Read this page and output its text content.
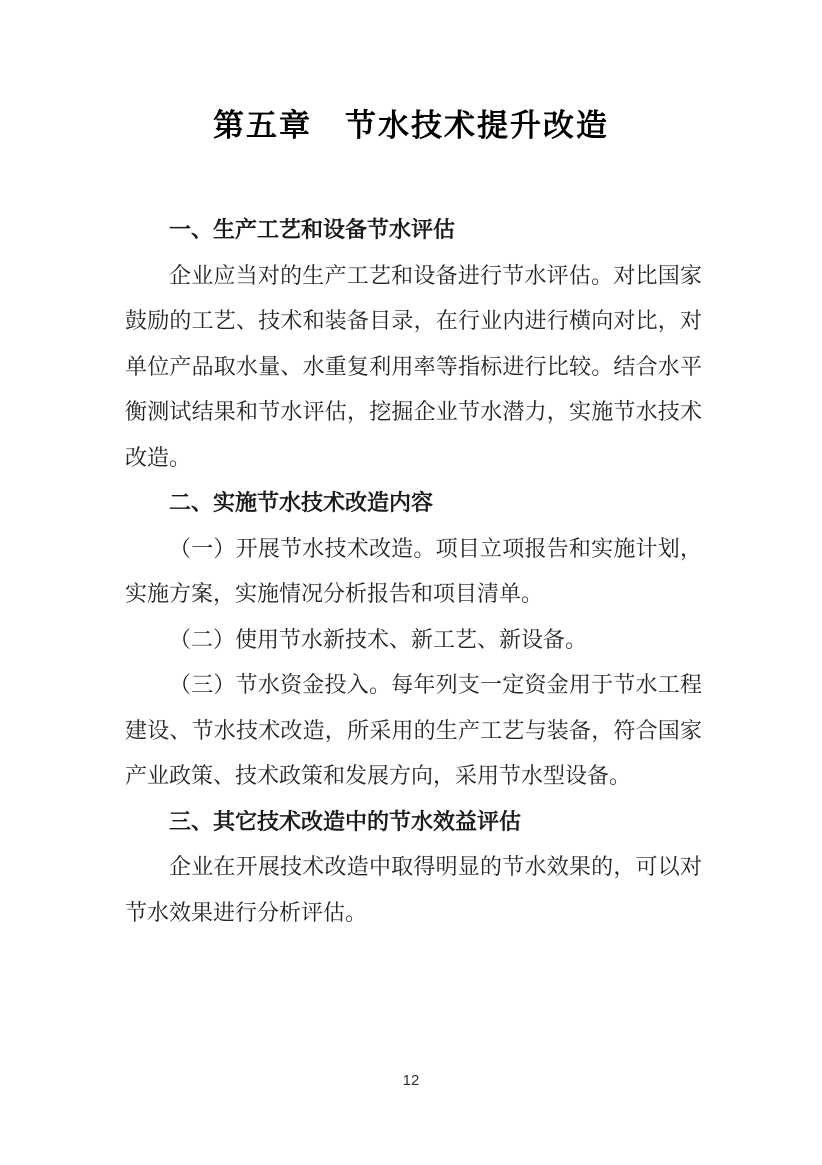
第五章　节水技术提升改造
一、生产工艺和设备节水评估

企业应当对的生产工艺和设备进行节水评估。对比国家鼓励的工艺、技术和装备目录，在行业内进行横向对比，对单位产品取水量、水重复利用率等指标进行比较。结合水平衡测试结果和节水评估，挖掘企业节水潜力，实施节水技术改造。

二、实施节水技术改造内容

（一）开展节水技术改造。项目立项报告和实施计划，实施方案，实施情况分析报告和项目清单。

（二）使用节水新技术、新工艺、新设备。

（三）节水资金投入。每年列支一定资金用于节水工程建设、节水技术改造，所采用的生产工艺与装备，符合国家产业政策、技术政策和发展方向，采用节水型设备。

三、其它技术改造中的节水效益评估

企业在开展技术改造中取得明显的节水效果的，可以对节水效果进行分析评估。

12
